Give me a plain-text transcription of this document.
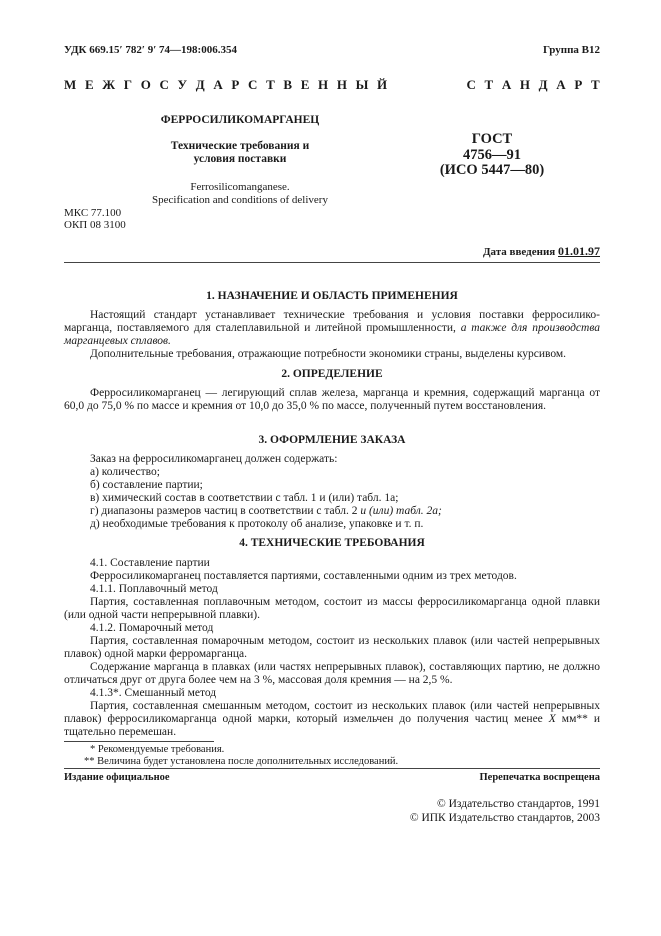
УДК 669.15′ 782′ 9′ 74—198:006.354	Группа В12
М Е Ж Г О С У Д А Р С Т В Е Н Н Ы Й	С Т А Н Д А Р Т
ФЕРРОСИЛИКОМАРГАНЕЦ
Технические требования и
условия поставки
Ferrosilicomanganese.
Specification and conditions of delivery
ГОСТ
4756—91
(ИСО 5447—80)
МКС 77.100
ОКП 08 3100
Дата введения 01.01.97
1. НАЗНАЧЕНИЕ И ОБЛАСТЬ ПРИМЕНЕНИЯ

Настоящий стандарт устанавливает технические требования и условия поставки ферросилико-марганца, поставляемого для сталеплавильной и литейной промышленности, а также для производства марганцевых сплавов.

Дополнительные требования, отражающие потребности экономики страны, выделены курсивом.

2. ОПРЕДЕЛЕНИЕ

Ферросиликомарганец — легирующий сплав железа, марганца и кремния, содержащий марганца от 60,0 до 75,0 % по массе и кремния от 10,0 до 35,0 % по массе, полученный путем восстановления.

3. ОФОРМЛЕНИЕ ЗАКАЗА

Заказ на ферросиликомарганец должен содержать:

а) количество;

б) составление партии;

в) химический состав в соответствии с табл. 1 и (или) табл. 1а;

г) диапазоны размеров частиц в соответствии с табл. 2 и (или) табл. 2а;

д) необходимые требования к протоколу об анализе, упаковке и т. п.

4. ТЕХНИЧЕСКИЕ ТРЕБОВАНИЯ

4.1. Составление партии

Ферросиликомарганец поставляется партиями, составленными одним из трех методов.

4.1.1. Поплавочный метод

Партия, составленная поплавочным методом, состоит из массы ферросиликомарганца одной плавки (или одной части непрерывной плавки).

4.1.2. Помарочный метод

Партия, составленная помарочным методом, состоит из нескольких плавок (или частей непрерывных плавок) одной марки ферромарганца.

Содержание марганца в плавках (или частях непрерывных плавок), составляющих партию, не должно отличаться друг от друга более чем на 3 %, массовая доля кремния — на 2,5 %.

4.1.3*. Смешанный метод

Партия, составленная смешанным методом, состоит из нескольких плавок (или частей непрерывных плавок) ферросиликомарганца одной марки, который измельчен до получения частиц менее X мм** и тщательно перемешан.

* Рекомендуемые требования.

** Величина будет установлена после дополнительных исследований.

Издание официальное	Перепечатка воспрещена
© Издательство стандартов, 1991
© ИПК Издательство стандартов, 2003
